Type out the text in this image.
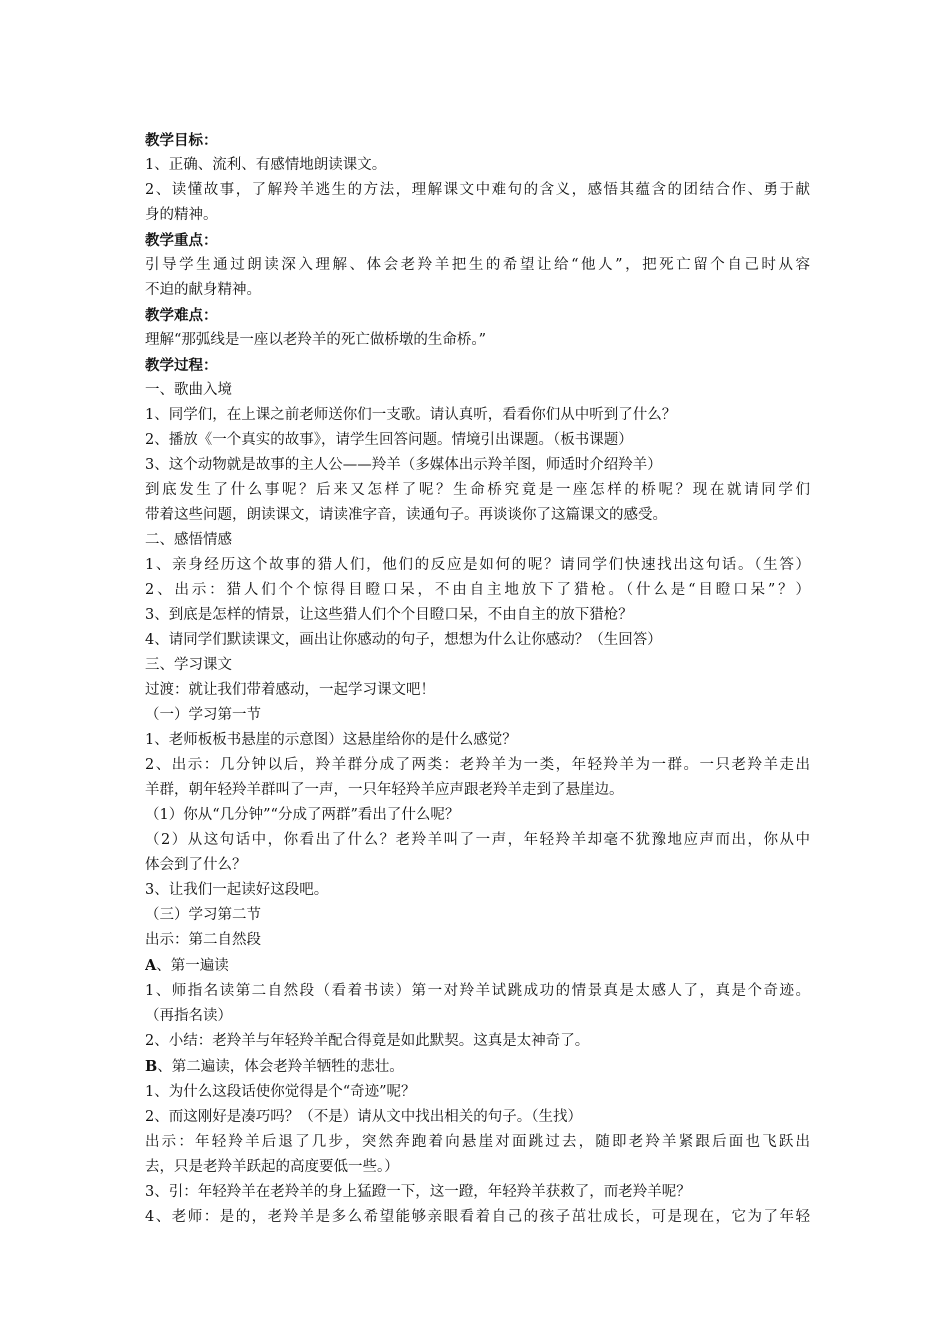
教学目标：
1、正确、流利、有感情地朗读课文。
2、读懂故事，了解羚羊逃生的方法，理解课文中难句的含义，感悟其蕴含的团结合作、勇于献
身的精神。
教学重点：
引导学生通过朗读深入理解、体会老羚羊把生的希望让给“他人”，把死亡留个自己时从容
不迫的献身精神。
教学难点：
理解“那弧线是一座以老羚羊的死亡做桥墩的生命桥。”
教学过程：
一、歌曲入境
1、同学们，在上课之前老师送你们一支歌。请认真听，看看你们从中听到了什么？
2、播放《一个真实的故事》，请学生回答问题。情境引出课题。（板书课题）
3、这个动物就是故事的主人公——羚羊（多媒体出示羚羊图，师适时介绍羚羊）
到底发生了什么事呢？后来又怎样了呢？生命桥究竟是一座怎样的桥呢？现在就请同学们
带着这些问题，朗读课文，请读准字音，读通句子。再谈谈你了这篇课文的感受。
二、感悟情感
1、亲身经历这个故事的猎人们，他们的反应是如何的呢？请同学们快速找出这句话。（生答）
2、出示：猎人们个个惊得目瞪口呆，不由自主地放下了猎枪。（什么是“目瞪口呆”？）
3、到底是怎样的情景，让这些猎人们个个目瞪口呆，不由自主的放下猎枪？
4、请同学们默读课文，画出让你感动的句子，想想为什么让你感动？（生回答）
三、学习课文
过渡：就让我们带着感动，一起学习课文吧！
（一）学习第一节
1、老师板板书悬崖的示意图）这悬崖给你的是什么感觉？
2、出示：几分钟以后，羚羊群分成了两类：老羚羊为一类，年轻羚羊为一群。一只老羚羊走出
羊群，朝年轻羚羊群叫了一声，一只年轻羚羊应声跟老羚羊走到了悬崖边。
（1）你从“几分钟”“分成了两群”看出了什么呢？
（2）从这句话中，你看出了什么？老羚羊叫了一声，年轻羚羊却毫不犹豫地应声而出，你从中
体会到了什么？
3、让我们一起读好这段吧。
（三）学习第二节
出示：第二自然段
A、第一遍读
1、师指名读第二自然段（看着书读）第一对羚羊试跳成功的情景真是太感人了，真是个奇迹。
（再指名读）
2、小结：老羚羊与年轻羚羊配合得竟是如此默契。这真是太神奇了。
B、第二遍读，体会老羚羊牺牲的悲壮。
1、为什么这段话使你觉得是个“奇迹”呢？
2、而这刚好是凑巧吗？（不是）请从文中找出相关的句子。（生找）
出示：年轻羚羊后退了几步，突然奔跑着向悬崖对面跳过去，随即老羚羊紧跟后面也飞跃出
去，只是老羚羊跃起的高度要低一些。）
3、引：年轻羚羊在老羚羊的身上猛蹬一下，这一蹬，年轻羚羊获救了，而老羚羊呢？
4、老师：是的，老羚羊是多么希望能够亲眼看着自己的孩子茁壮成长，可是现在，它为了年轻
